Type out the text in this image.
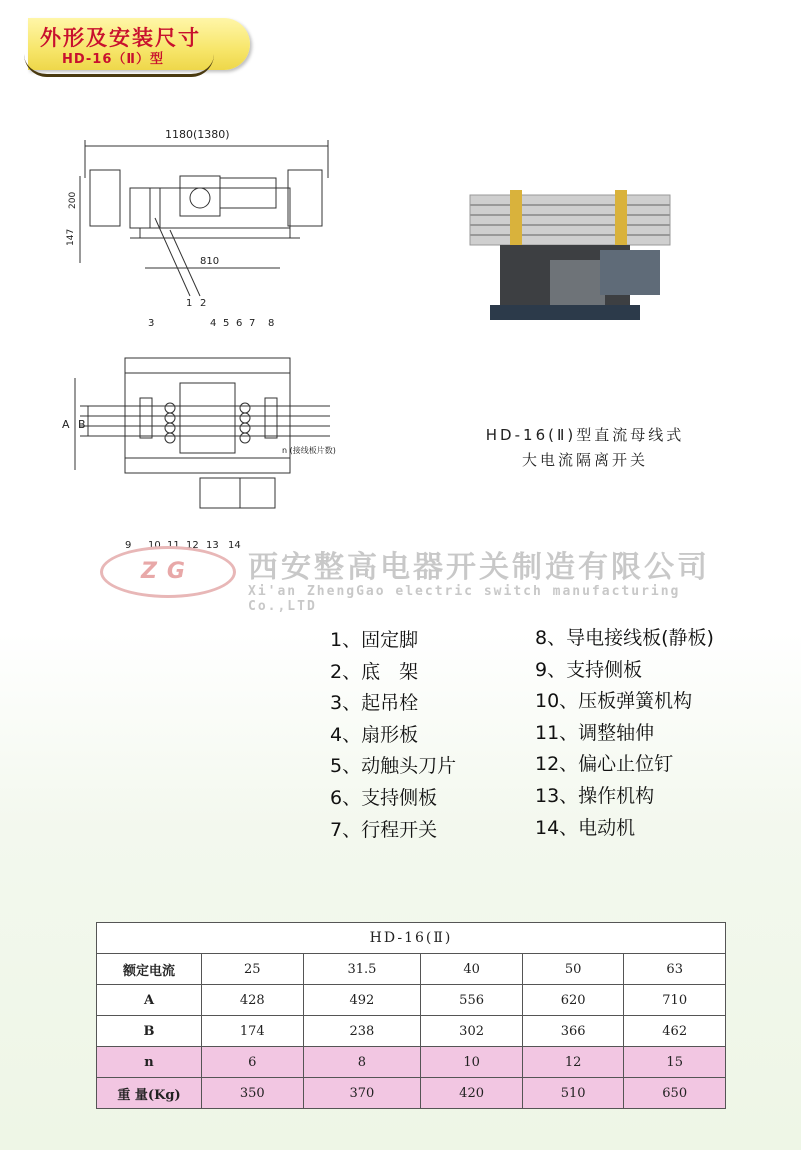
外形及安装尺寸
HD-16（Ⅱ）型
1180(1380)
200
147
810
1 2
A B
n (接线板片数)
3	4 5 6 7 8
9 10 11 12 13 14
HD-16(Ⅱ)型直流母线式
大电流隔离开关
ZG	西安整高电器开关制造有限公司
Xi'an ZhengGao electric switch manufacturing Co.,LTD
1、固定脚
2、底　架
3、起吊栓
4、扇形板
5、动触头刀片
6、支持侧板
7、行程开关
8、导电接线板(静板)
9、支持侧板
10、压板弹簧机构
11、调整轴伸
12、偏心止位钉
13、操作机构
14、电动机
HD-16(Ⅱ)					
额定电流	25	31.5	40	50	63
A	428	492	556	620	710
B	174	238	302	366	462
n	6	8	10	12	15
重 量(Kg)	350	370	420	510	650
